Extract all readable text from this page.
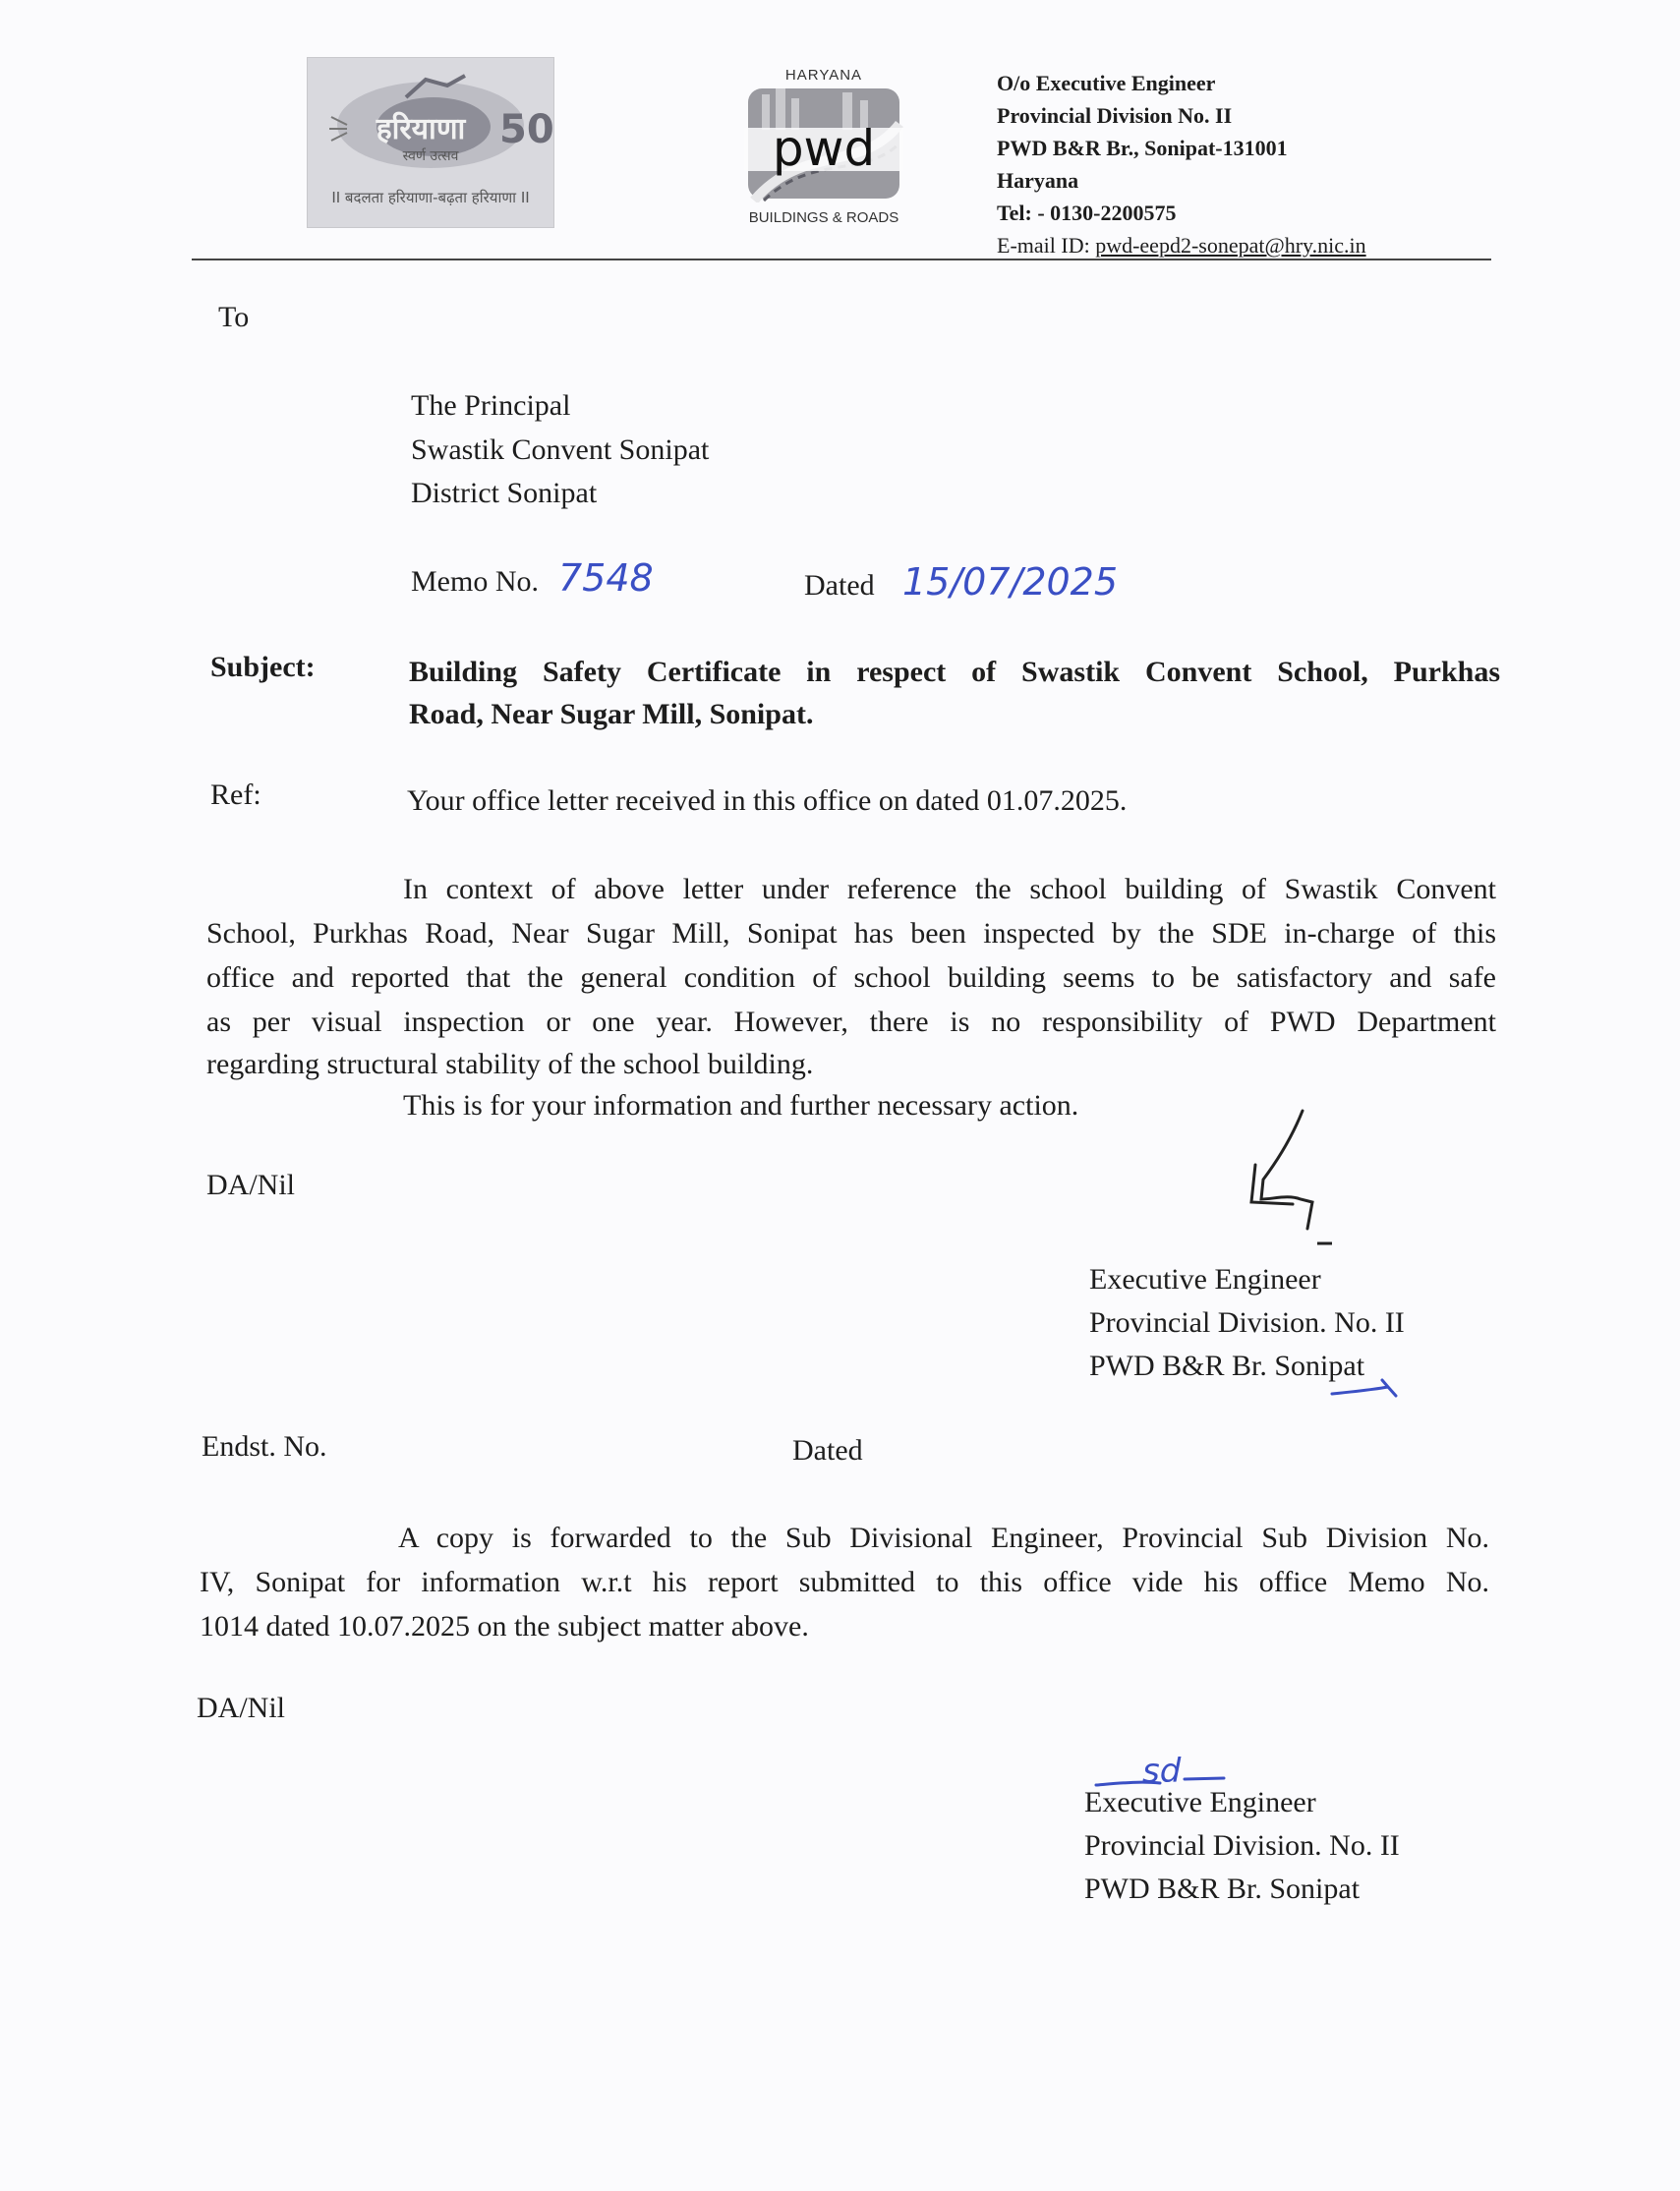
हरियाणा 50
स्वर्ण उत्सव
II बदलता हरियाणा-बढ़ता हरियाणा II
HARYANA
pwd
BUILDINGS & ROADS
O/o Executive Engineer
Provincial Division No. II
PWD B&R Br., Sonipat-131001
Haryana
Tel: - 0130-2200575
E-mail ID: pwd-eepd2-sonepat@hry.nic.in
To
The Principal
Swastik Convent Sonipat
District Sonipat
Memo No. 7548	Dated 15/07/2025
Subject:	Building Safety Certificate in respect of Swastik Convent School, Purkhas
Road, Near Sugar Mill, Sonipat.
Ref:	Your office letter received in this office on dated 01.07.2025.
In context of above letter under reference the school building of Swastik Convent
School, Purkhas Road, Near Sugar Mill, Sonipat has been inspected by the SDE in-charge of this
office and reported that the general condition of school building seems to be satisfactory and safe
as per visual inspection or one year. However, there is no responsibility of PWD Department
regarding structural stability of the school building.
This is for your information and further necessary action.
DA/Nil
Executive Engineer
Provincial Division. No. II
PWD B&R Br. Sonipat
Endst. No.	Dated
A copy is forwarded to the Sub Divisional Engineer, Provincial Sub Division No.
IV, Sonipat for information w.r.t his report submitted to this office vide his office Memo No.
1014 dated 10.07.2025 on the subject matter above.
DA/Nil
sd
Executive Engineer
Provincial Division. No. II
PWD B&R Br. Sonipat
